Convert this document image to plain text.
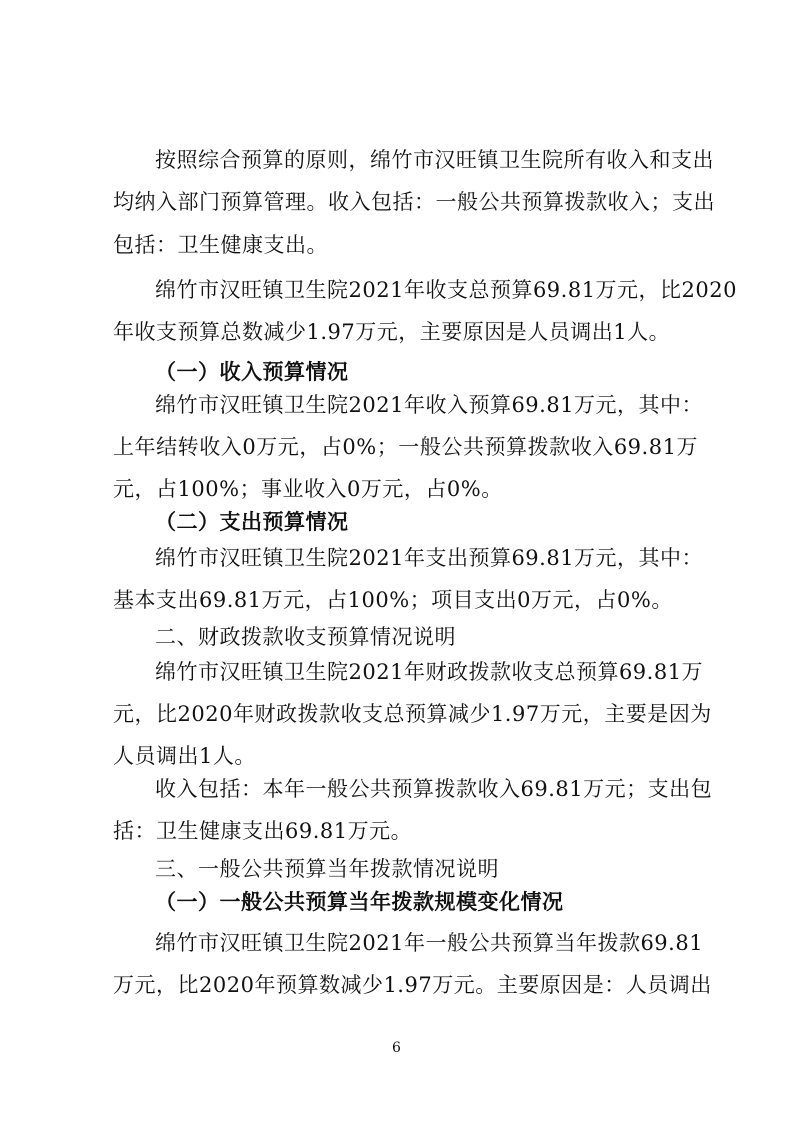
按照综合预算的原则，绵竹市汉旺镇卫生院所有收入和支出
均纳入部门预算管理。收入包括：一般公共预算拨款收入；支出
包括：卫生健康支出。
绵竹市汉旺镇卫生院2021年收支总预算69.81万元，比2020
年收支预算总数减少1.97万元，主要原因是人员调出1人。
（一）收入预算情况
绵竹市汉旺镇卫生院2021年收入预算69.81万元，其中：
上年结转收入0万元，占0%；一般公共预算拨款收入69.81万
元，占100%；事业收入0万元，占0%。
（二）支出预算情况
绵竹市汉旺镇卫生院2021年支出预算69.81万元，其中：
基本支出69.81万元，占100%；项目支出0万元，占0%。
二、财政拨款收支预算情况说明
绵竹市汉旺镇卫生院2021年财政拨款收支总预算69.81万
元，比2020年财政拨款收支总预算减少1.97万元，主要是因为
人员调出1人。
收入包括：本年一般公共预算拨款收入69.81万元；支出包
括：卫生健康支出69.81万元。
三、一般公共预算当年拨款情况说明
（一）一般公共预算当年拨款规模变化情况
绵竹市汉旺镇卫生院2021年一般公共预算当年拨款69.81
万元，比2020年预算数减少1.97万元。主要原因是：人员调出
6
